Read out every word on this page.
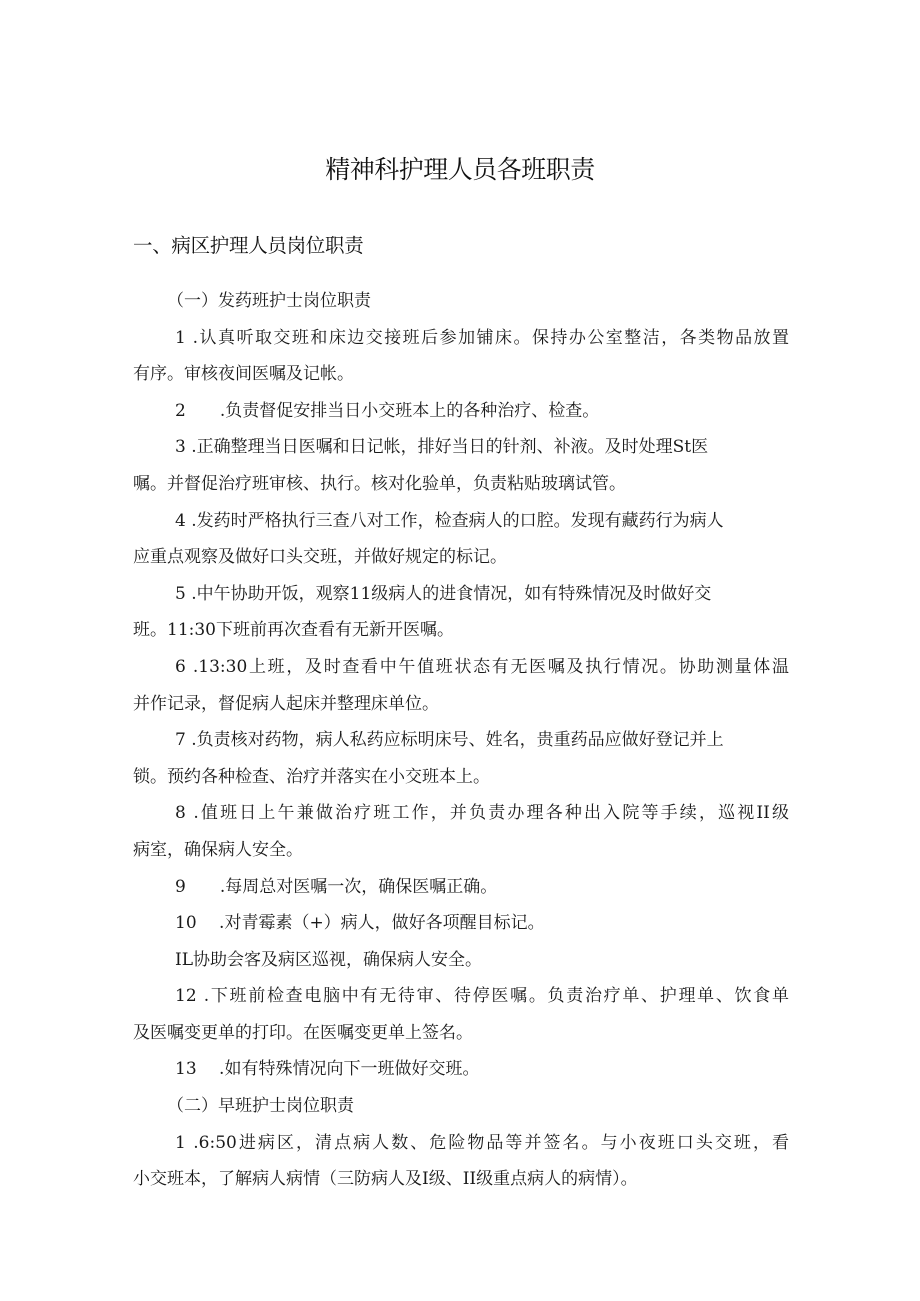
精神科护理人员各班职责
一、病区护理人员岗位职责
（一）发药班护士岗位职责
1 .认真听取交班和床边交接班后参加铺床。保持办公室整洁，各类物品放置
有序。审核夜间医嘱及记帐。
2　　.负责督促安排当日小交班本上的各种治疗、检查。
3 .正确整理当日医嘱和日记帐，排好当日的针剂、补液。及时处理St医
嘱。并督促治疗班审核、执行。核对化验单，负责粘贴玻璃试管。
4 .发药时严格执行三查八对工作，检查病人的口腔。发现有藏药行为病人
应重点观察及做好口头交班，并做好规定的标记。
5 .中午协助开饭，观察11级病人的进食情况，如有特殊情况及时做好交
班。11:30下班前再次查看有无新开医嘱。
6 .13:30上班，及时查看中午值班状态有无医嘱及执行情况。协助测量体温
并作记录，督促病人起床并整理床单位。
7 .负责核对药物，病人私药应标明床号、姓名，贵重药品应做好登记并上
锁。预约各种检查、治疗并落实在小交班本上。
8 .值班日上午兼做治疗班工作，并负责办理各种出入院等手续，巡视II级
病室，确保病人安全。
9　　.每周总对医嘱一次，确保医嘱正确。
10　 .对青霉素（+）病人，做好各项醒目标记。
IL协助会客及病区巡视，确保病人安全。
12 .下班前检查电脑中有无待审、待停医嘱。负责治疗单、护理单、饮食单
及医嘱变更单的打印。在医嘱变更单上签名。
13　 .如有特殊情况向下一班做好交班。
（二）早班护士岗位职责
1 .6:50进病区，清点病人数、危险物品等并签名。与小夜班口头交班，看
小交班本，了解病人病情（三防病人及I级、II级重点病人的病情）。
